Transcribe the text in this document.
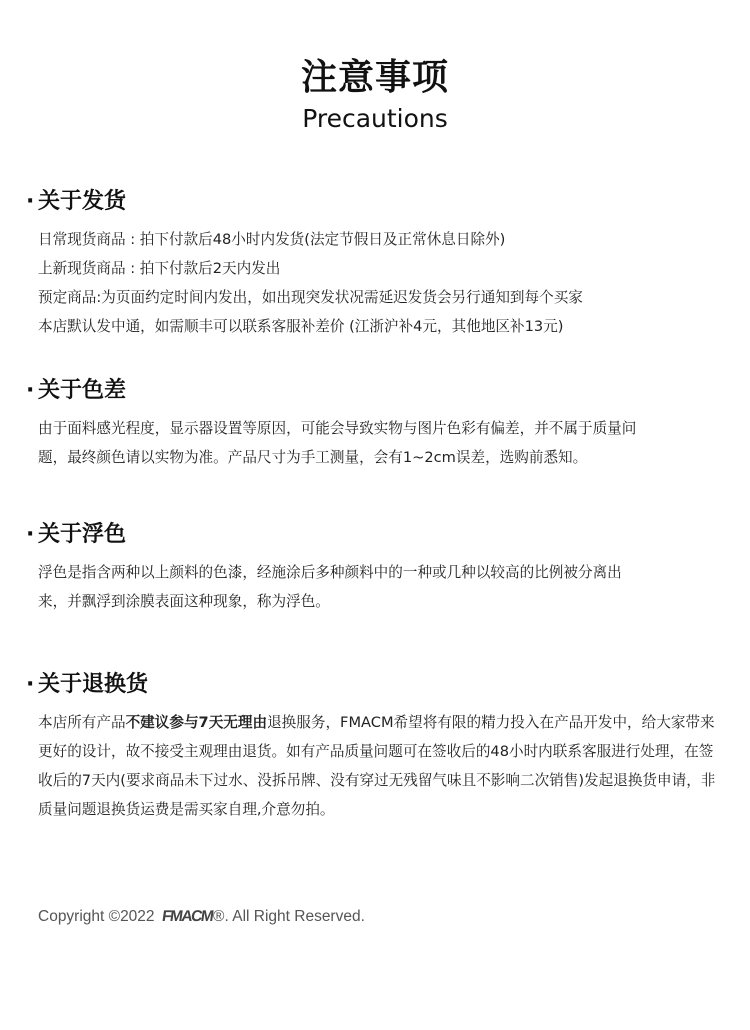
注意事项
Precautions
· 关于发货
日常现货商品 : 拍下付款后48小时内发货(法定节假日及正常休息日除外)
上新现货商品 : 拍下付款后2天内发出
预定商品:为页面约定时间内发出，如出现突发状况需延迟发货会另行通知到每个买家
本店默认发中通，如需顺丰可以联系客服补差价 (江浙沪补4元，其他地区补13元)
· 关于色差
由于面料感光程度，显示器设置等原因，可能会导致实物与图片色彩有偏差，并不属于质量问
题，最终颜色请以实物为准。产品尺寸为手工测量，会有1~2cm误差，选购前悉知。
· 关于浮色
浮色是指含两种以上颜料的色漆，经施涂后多种颜料中的一种或几种以较高的比例被分离出
来，并飘浮到涂膜表面这种现象，称为浮色。
· 关于退换货
本店所有产品不建议参与7天无理由退换服务，FMACM希望将有限的精力投入在产品开发中，给大家带来更好的设计，故不接受主观理由退货。如有产品质量问题可在签收后的48小时内联系客服进行处理，在签收后的7天内(要求商品未下过水、没拆吊牌、没有穿过无残留气味且不影响二次销售)发起退换货申请，非质量问题退换货运费是需买家自理,介意勿拍。
Copyright ©2022 FMACM®. All Right Reserved.
